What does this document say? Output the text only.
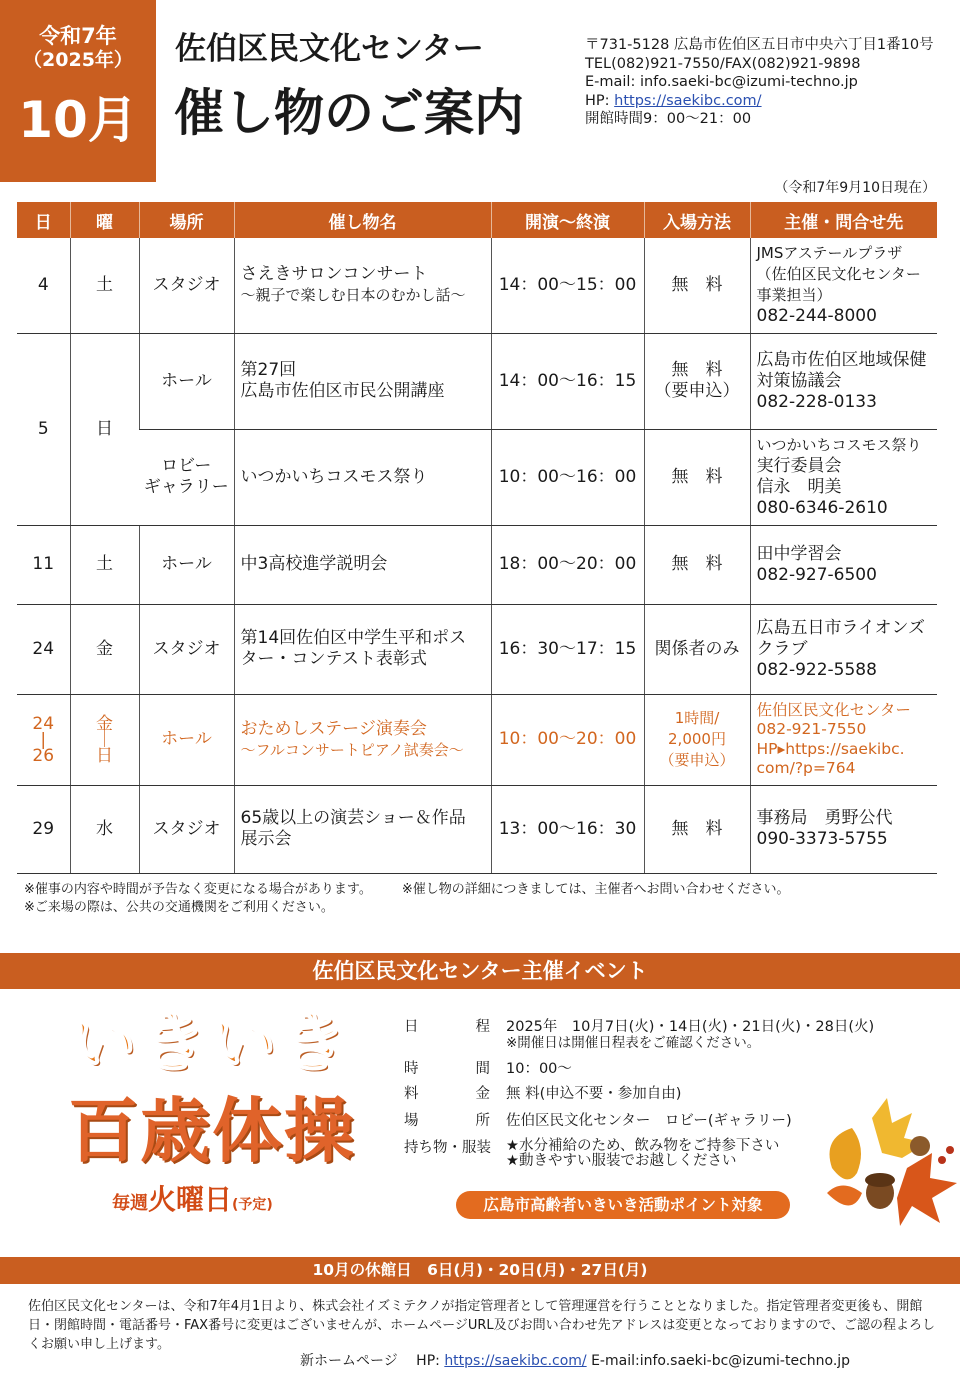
令和7年
（2025年）
10月
佐伯区民文化センター
催し物のご案内
〒731-5128 広島市佐伯区五日市中央六丁目1番10号
TEL(082)921-7550/FAX(082)921-9898
E-mail: info.saeki-bc@izumi-techno.jp
HP: https://saekibc.com/
開館時間9：00～21：00
（令和7年9月10日現在）
日	曜	場所	催し物名	開演～終演	入場方法	主催・問合せ先
4	土	スタジオ	さえきサロンコンサート
～親子で楽しむ日本のむかし話～	14：00～15：00	無　料	JMSアステールプラザ
（佐伯区民文化センター
事業担当）
082-244-8000

5	日	ホール	第27回
広島市佐伯区市民公開講座	14：00～16：15	無　料
（要申込）	広島市佐伯区地域保健
対策協議会
082-228-0133

		ロビー
ギャラリー	いつかいちコスモス祭り	10：00～16：00	無　料	いつかいちコスモス祭り
実行委員会
信永　明美
080-6346-2610

11	土	ホール	中3高校進学説明会	18：00～20：00	無　料	田中学習会
082-927-6500

24	金	スタジオ	第14回佐伯区中学生平和ポス
ター・コンテスト表彰式	16：30～17：15	関係者のみ	広島五日市ライオンズ
クラブ
082-922-5588

24
|
26	金
｜
日	ホール	おためしステージ演奏会
～フルコンサートピアノ試奏会～	10：00～20：00	1時間/
2,000円
（要申込）	佐伯区民文化センター
082-921-7550
HP▸https://saekibc.
com/?p=764

29	水	スタジオ	65歳以上の演芸ショー＆作品
展示会	13：00～16：30	無　料	事務局　勇野公代
090-3373-5755
※催事の内容や時間が予告なく変更になる場合があります。 ※催し物の詳細につきましては、主催者へお問い合わせください。
※ご来場の際は、公共の交通機関をご利用ください。
佐伯区民文化センター主催イベント
いきいき
百歳体操
毎週火曜日(予定)
日程 2025年　10月7日(火)・14日(火)・21日(火)・28日(火)
※開催日は開催日程表をご確認ください。
時間 10：00～
料金 無 料(申込不要・参加自由)
場所 佐伯区民文化センター　ロビー(ギャラリー)
持ち物・服装 ★水分補給のため、飲み物をご持参下さい
★動きやすい服装でお越しください
広島市高齢者いきいき活動ポイント対象
10月の休館日　6日(月)・20日(月)・27日(月)
佐伯区民文化センターは、令和7年4月1日より、株式会社イズミテクノが指定管理者として管理運営を行うこととなりました。指定管理者変更後も、開館日・閉館時間・電話番号・FAX番号に変更はございませんが、ホームページURL及びお問い合わせ先アドレスは変更となっておりますので、ご認の程よろしくお願い申し上げます。
新ホームページ　 HP: https://saekibc.com/ E-mail:info.saeki-bc@izumi-techno.jp
